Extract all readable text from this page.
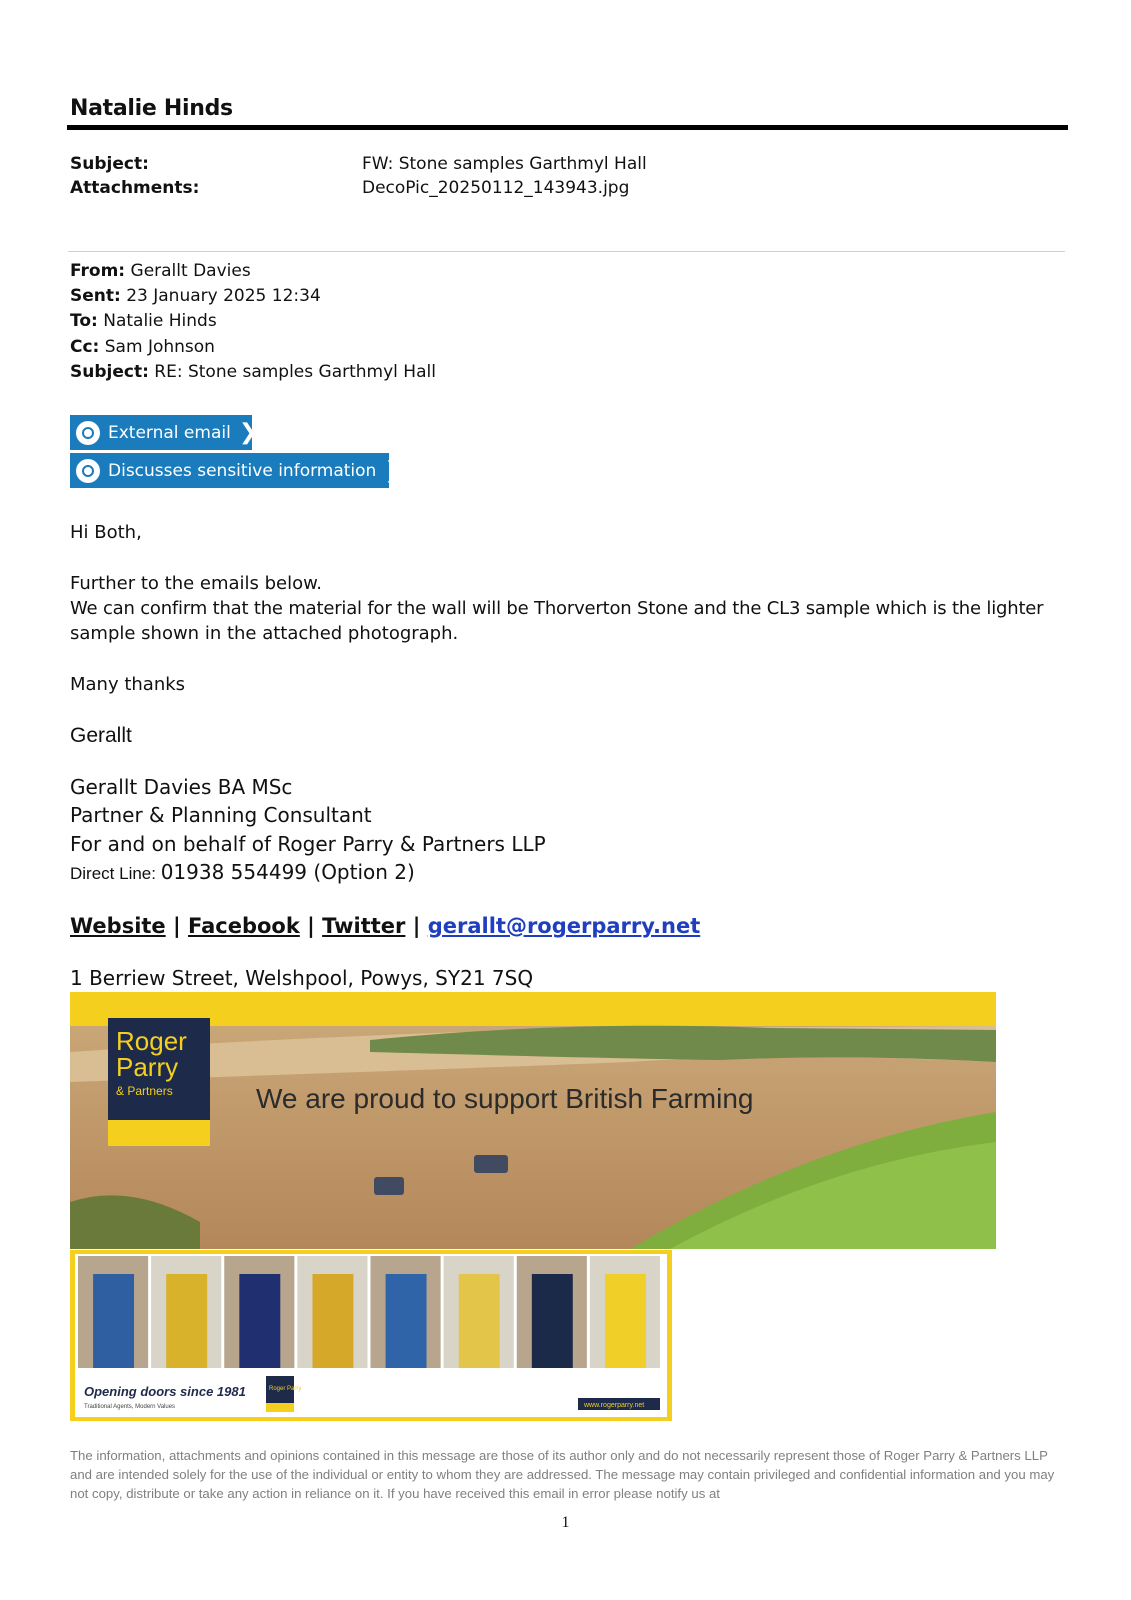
Natalie Hinds
Subject:	FW: Stone samples Garthmyl Hall
Attachments:	DecoPic_20250112_143943.jpg
From: Gerallt Davies
Sent: 23 January 2025 12:34
To: Natalie Hinds
Cc: Sam Johnson
Subject: RE: Stone samples Garthmyl Hall
External email ❯
Discusses sensitive information ❯
Hi Both,
Further to the emails below.
We can confirm that the material for the wall will be Thorverton Stone and the CL3 sample which is the lighter
sample shown in the attached photograph.
Many thanks
Gerallt
Gerallt Davies BA MSc
Partner & Planning Consultant
For and on behalf of Roger Parry & Partners LLP
Direct Line: 01938 554499 (Option 2)
Website | Facebook | Twitter | gerallt@rogerparry.net
1 Berriew Street, Welshpool, Powys, SY21 7SQ
Roger
Parry
& Partners	We are proud to support British Farming
Opening doors since 1981
Traditional Agents, Modern Values
Roger Parry
www.rogerparry.net
The information, attachments and opinions contained in this message are those of its author only and do not necessarily represent those of Roger Parry & Partners LLP and are intended solely for the use of the individual or entity to whom they are addressed. The message may contain privileged and confidential information and you may not copy, distribute or take any action in reliance on it. If you have received this email in error please notify us at
1
